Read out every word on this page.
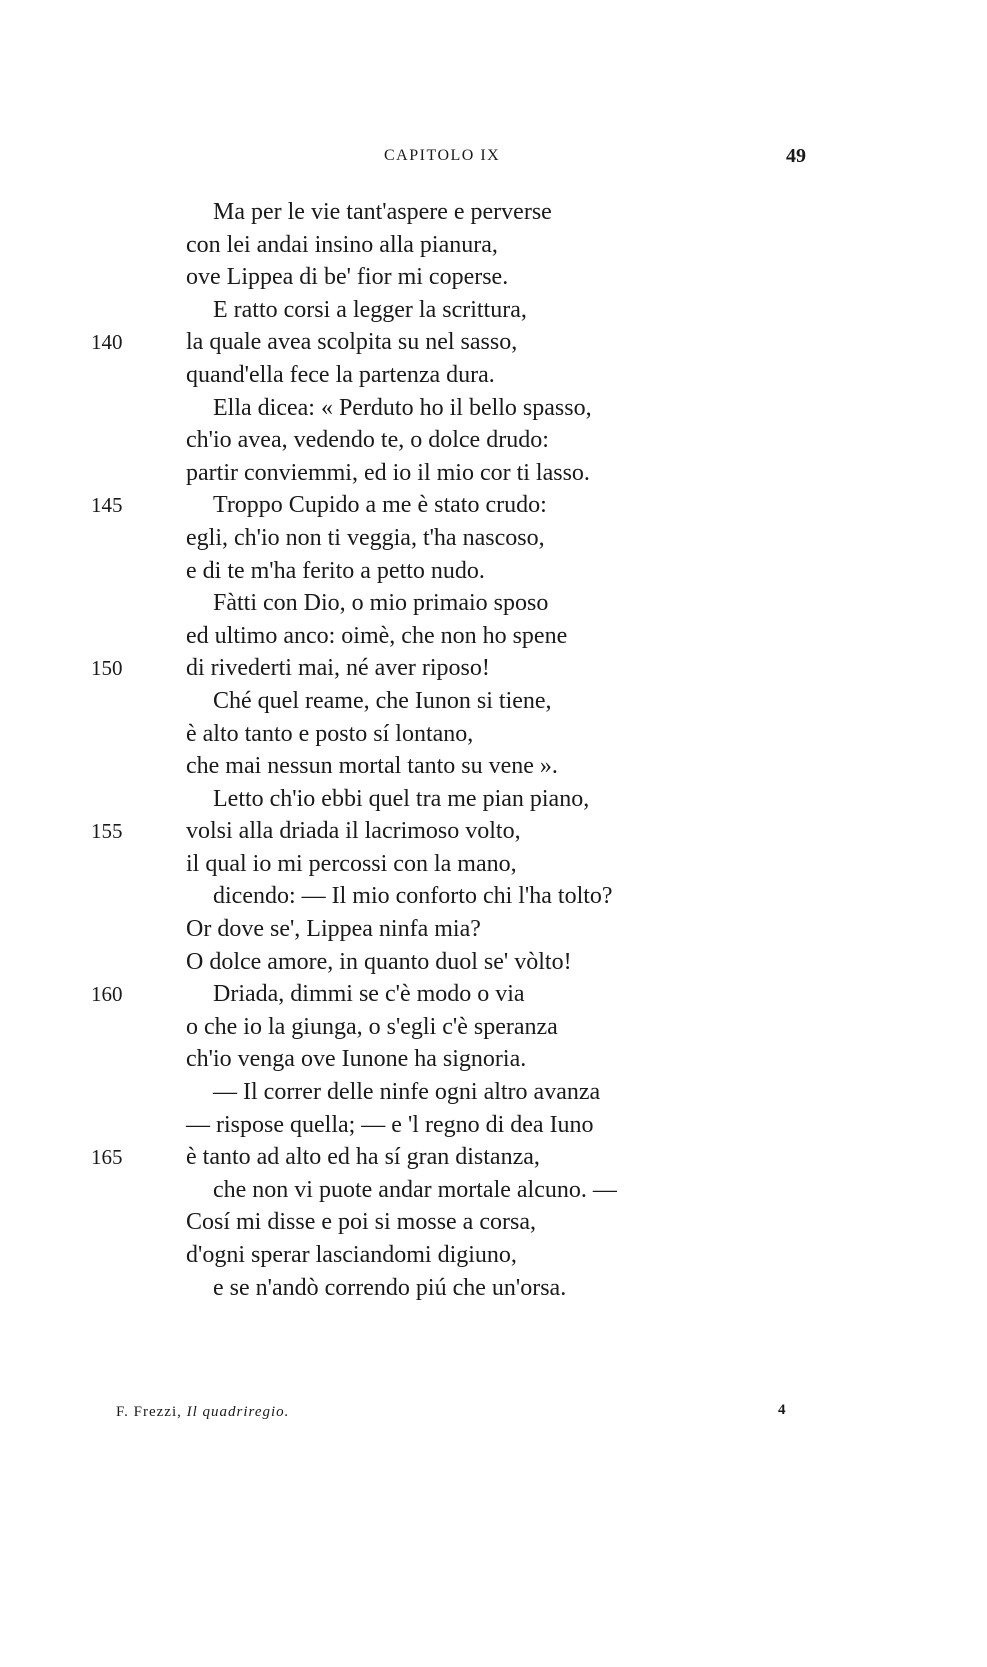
CAPITOLO IX	49
Ma per le vie tant'aspere e perverse
con lei andai insino alla pianura,
ove Lippea di be' fior mi coperse.
E ratto corsi a legger la scrittura,
140	la quale avea scolpita su nel sasso,
quand'ella fece la partenza dura.
Ella dicea: « Perduto ho il bello spasso,
ch'io avea, vedendo te, o dolce drudo:
partir conviemmi, ed io il mio cor ti lasso.
145	Troppo Cupido a me è stato crudo:
egli, ch'io non ti veggia, t'ha nascoso,
e di te m'ha ferito a petto nudo.
Fàtti con Dio, o mio primaio sposo
ed ultimo anco: oimè, che non ho spene
150	di rivederti mai, né aver riposo!
Ché quel reame, che Iunon si tiene,
è alto tanto e posto sí lontano,
che mai nessun mortal tanto su vene ».
Letto ch'io ebbi quel tra me pian piano,
155	volsi alla driada il lacrimoso volto,
il qual io mi percossi con la mano,
dicendo: — Il mio conforto chi l'ha tolto?
Or dove se', Lippea ninfa mia?
O dolce amore, in quanto duol se' vòlto!
160	Driada, dimmi se c'è modo o via
o che io la giunga, o s'egli c'è speranza
ch'io venga ove Iunone ha signoria.
— Il correr delle ninfe ogni altro avanza
— rispose quella; — e 'l regno di dea Iuno
165	è tanto ad alto ed ha sí gran distanza,
che non vi puote andar mortale alcuno. —
Cosí mi disse e poi si mosse a corsa,
d'ogni sperar lasciandomi digiuno,
e se n'andò correndo piú che un'orsa.
F. Frezzi, Il quadriregio.	4
